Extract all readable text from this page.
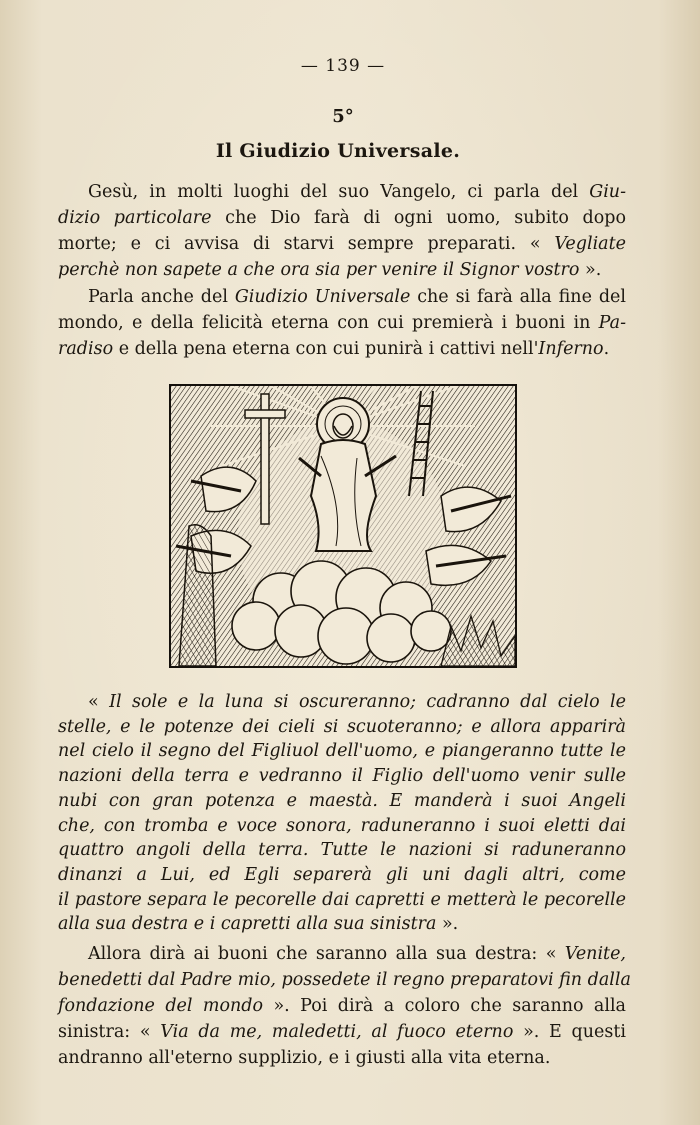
— 139 —
5°
Il Giudizio Universale.
Gesù, in molti luoghi del suo Vangelo, ci parla del Giu-
dizio particolare che Dio farà di ogni uomo, subito dopo
morte; e ci avvisa di starvi sempre preparati. « Vegliate
perchè non sapete a che ora sia per venire il Signor vostro ».
Parla anche del Giudizio Universale che si farà alla fine del
mondo, e della felicità eterna con cui premierà i buoni in Pa-
radiso e della pena eterna con cui punirà i cattivi nell'Inferno.
« Il sole e la luna si oscureranno; cadranno dal cielo le
stelle, e le potenze dei cieli si scuoteranno; e allora apparirà
nel cielo il segno del Figliuol dell'uomo, e piangeranno tutte le
nazioni della terra e vedranno il Figlio dell'uomo venir sulle
nubi con gran potenza e maestà. E manderà i suoi Angeli
che, con tromba e voce sonora, raduneranno i suoi eletti dai
quattro angoli della terra. Tutte le nazioni si raduneranno
dinanzi a Lui, ed Egli separerà gli uni dagli altri, come
il pastore separa le pecorelle dai capretti e metterà le pecorelle
alla sua destra e i capretti alla sua sinistra ».
Allora dirà ai buoni che saranno alla sua destra: « Venite,
benedetti dal Padre mio, possedete il regno preparatovi fin dalla
fondazione del mondo ». Poi dirà a coloro che saranno alla
sinistra: « Via da me, maledetti, al fuoco eterno ». E questi
andranno all'eterno supplizio, e i giusti alla vita eterna.
